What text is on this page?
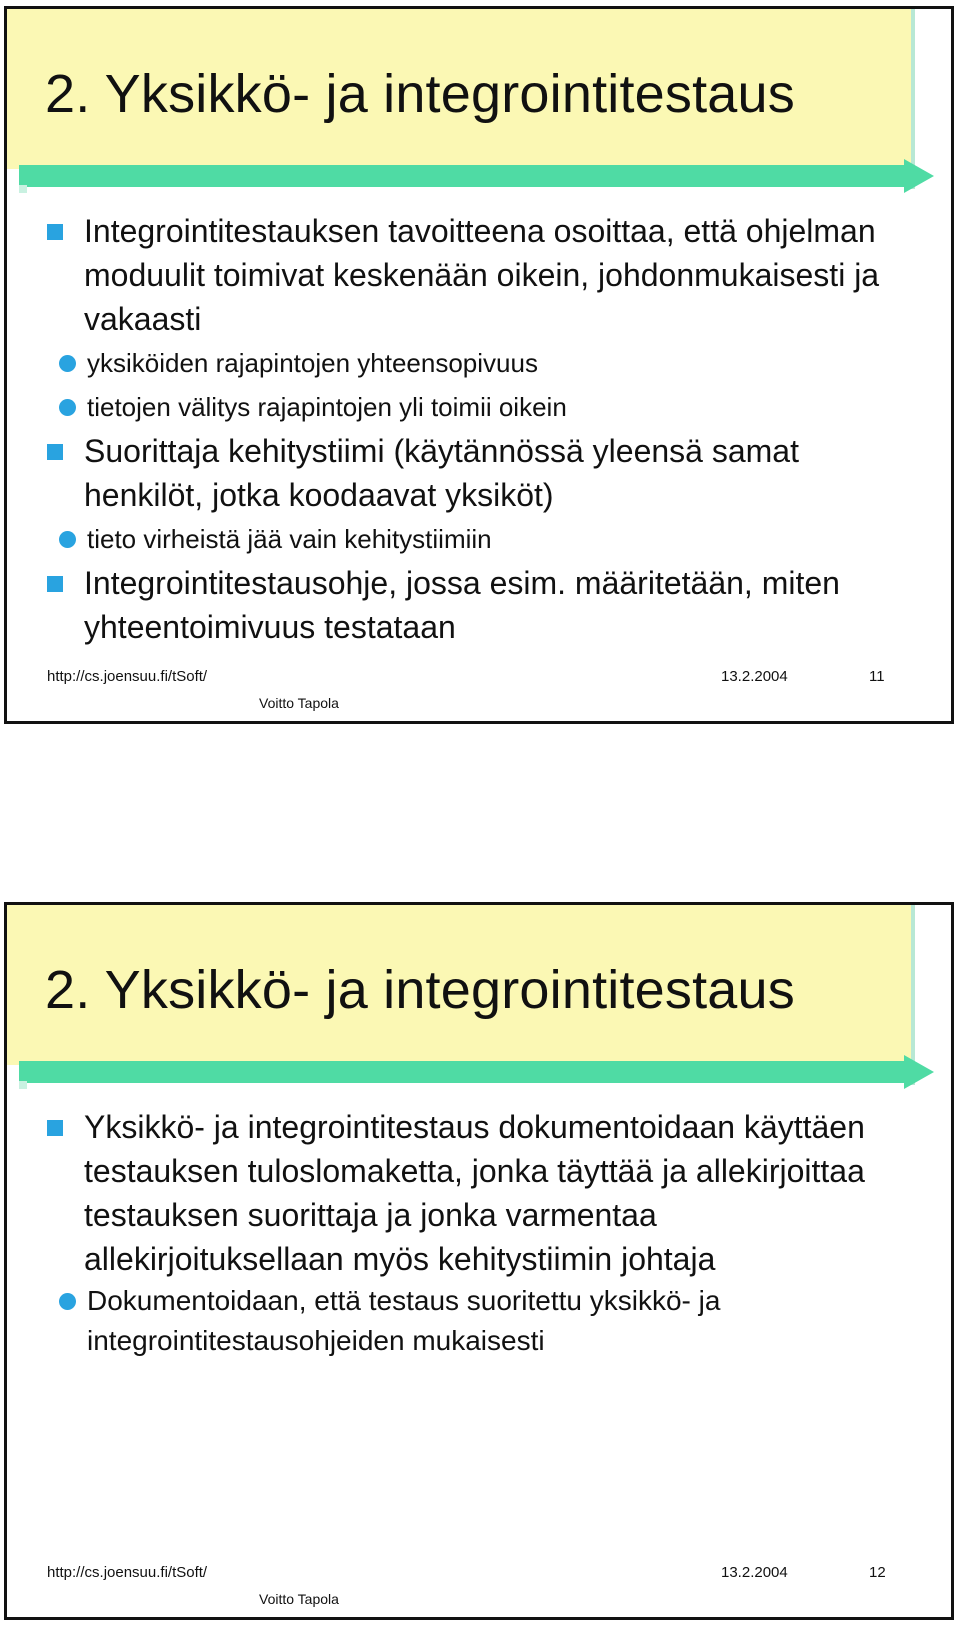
2. Yksikkö- ja integrointitestaus
Integrointitestauksen tavoitteena osoittaa, että ohjelman moduulit toimivat keskenään oikein, johdonmukaisesti ja vakaasti
yksiköiden rajapintojen yhteensopivuus
tietojen välitys rajapintojen yli toimii oikein
Suorittaja kehitystiimi (käytännössä yleensä samat henkilöt, jotka koodaavat yksiköt)
tieto virheistä jää vain kehitystiimiin
Integrointitestausohje, jossa esim. määritetään, miten yhteentoimivuus testataan
http://cs.joensuu.fi/tSoft/
Voitto Tapola
13.2.2004	11
2. Yksikkö- ja integrointitestaus
Yksikkö- ja integrointitestaus dokumentoidaan käyttäen testauksen tuloslomaketta, jonka täyttää ja allekirjoittaa testauksen suorittaja ja jonka varmentaa allekirjoituksellaan myös kehitystiimin johtaja
Dokumentoidaan, että testaus suoritettu yksikkö- ja integrointitestausohjeiden mukaisesti
http://cs.joensuu.fi/tSoft/
Voitto Tapola
13.2.2004	12
